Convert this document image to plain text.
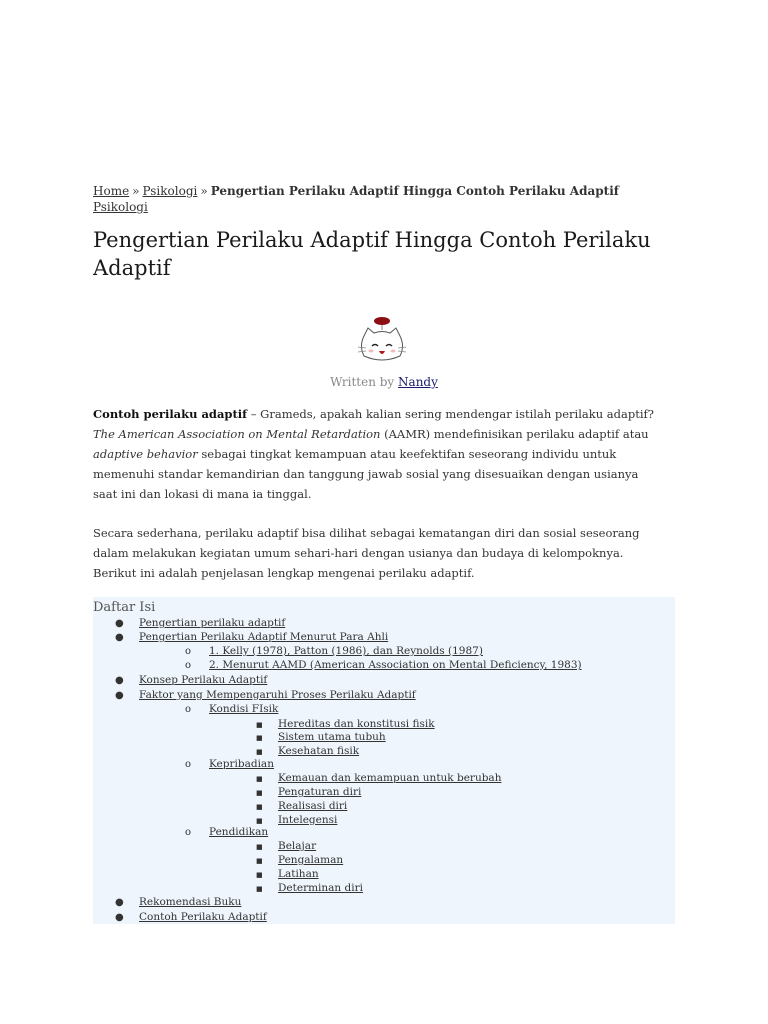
Home » Psikologi » Pengertian Perilaku Adaptif Hingga Contoh Perilaku Adaptif
Psikologi
Pengertian Perilaku Adaptif Hingga Contoh Perilaku Adaptif
Written by Nandy

Contoh perilaku adaptif – Grameds, apakah kalian sering mendengar istilah perilaku adaptif? The American Association on Mental Retardation (AAMR) mendefinisikan perilaku adaptif atau adaptive behavior sebagai tingkat kemampuan atau keefektifan seseorang individu untuk memenuhi standar kemandirian dan tanggung jawab sosial yang disesuaikan dengan usianya saat ini dan lokasi di mana ia tinggal.

Secara sederhana, perilaku adaptif bisa dilihat sebagai kematangan diri dan sosial seseorang dalam melakukan kegiatan umum sehari-hari dengan usianya dan budaya di kelompoknya. Berikut ini adalah penjelasan lengkap mengenai perilaku adaptif.

Daftar Isi
● Pengertian perilaku adaptif
● Pengertian Perilaku Adaptif Menurut Para Ahli
o 1. Kelly (1978), Patton (1986), dan Reynolds (1987)
o 2. Menurut AAMD (American Association on Mental Deficiency, 1983)
● Konsep Perilaku Adaptif
● Faktor yang Mempengaruhi Proses Perilaku Adaptif
o Kondisi FIsik
■ Hereditas dan konstitusi fisik
■ Sistem utama tubuh
■ Kesehatan fisik
o Kepribadian
■ Kemauan dan kemampuan untuk berubah
■ Pengaturan diri
■ Realisasi diri
■ Intelegensi
o Pendidikan
■ Belajar
■ Pengalaman
■ Latihan
■ Determinan diri
● Rekomendasi Buku
● Contoh Perilaku Adaptif
